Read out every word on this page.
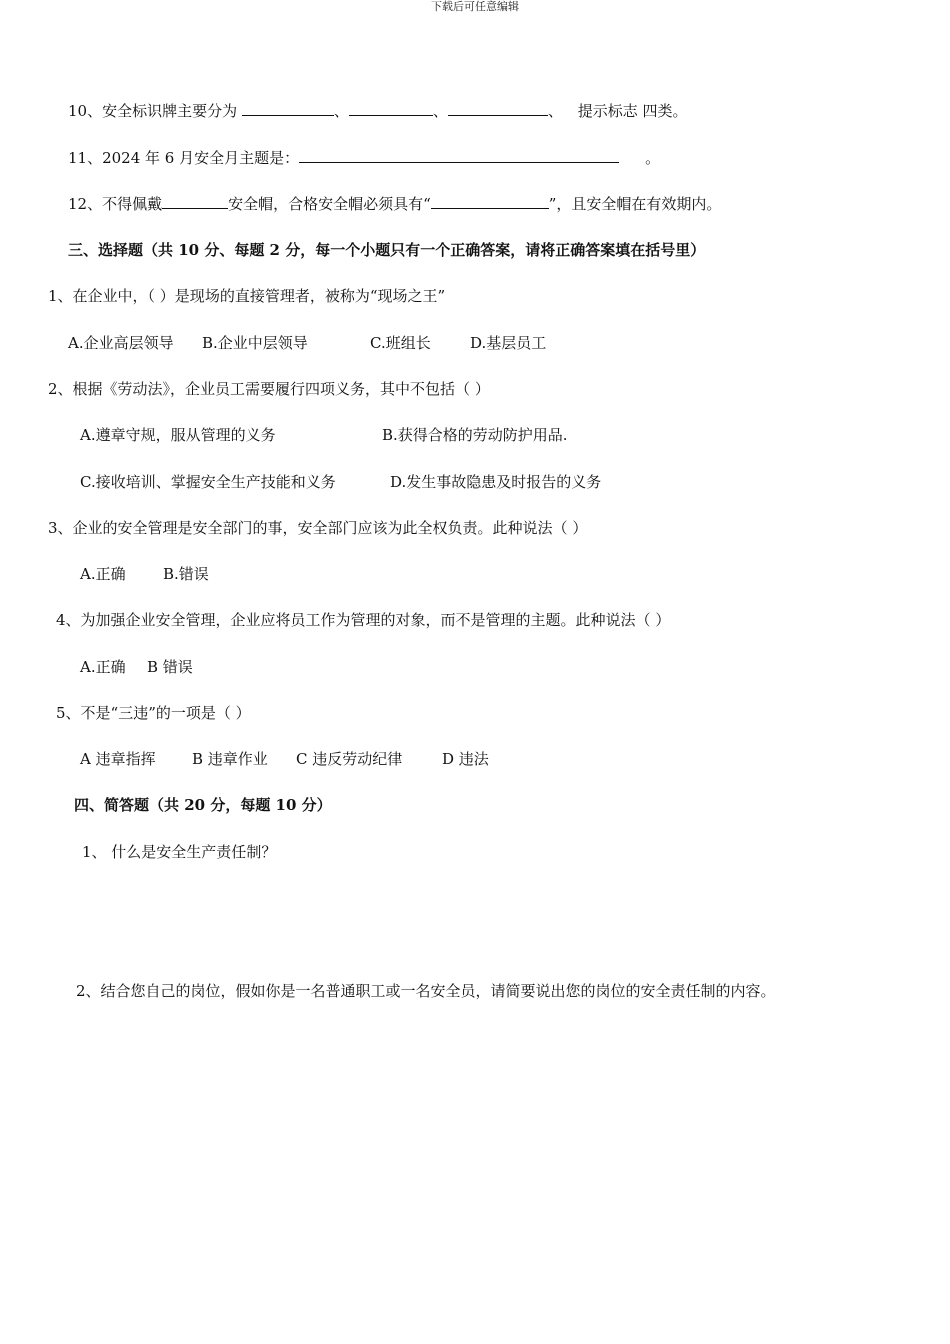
下载后可任意编辑
10、安全标识牌主要分为	、	、	、 提示标志 四类。
11、2024 年 6 月安全月主题是：	。
12、不得佩戴	安全帽，合格安全帽必须具有“	”，且安全帽在有效期内。
三、选择题（共 10 分、每题 2 分，每一个小题只有一个正确答案，请将正确答案填在括号里）
1、在企业中，（ ）是现场的直接管理者，被称为“现场之王”
A.企业高层领导 B.企业中层领导	C.班组长	D.基层员工
2、根据《劳动法》，企业员工需要履行四项义务，其中不包括（ ）
A.遵章守规，服从管理的义务	B.获得合格的劳动防护用品.
C.接收培训、掌握安全生产技能和义务	D.发生事故隐患及时报告的义务
3、企业的安全管理是安全部门的事，安全部门应该为此全权负责。此种说法（ ）
A.正确 B.错误
4、为加强企业安全管理，企业应将员工作为管理的对象，而不是管理的主题。此种说法（ ）
A.正确 B 错误
5、不是“三违”的一项是（ ）
A 违章指挥 B 违章作业 C 违反劳动纪律	D 违法
四、简答题（共 20 分，每题 10 分）
1、 什么是安全生产责任制？
2、结合您自己的岗位，假如你是一名普通职工或一名安全员，请简要说出您的岗位的安全责任制的内容。
